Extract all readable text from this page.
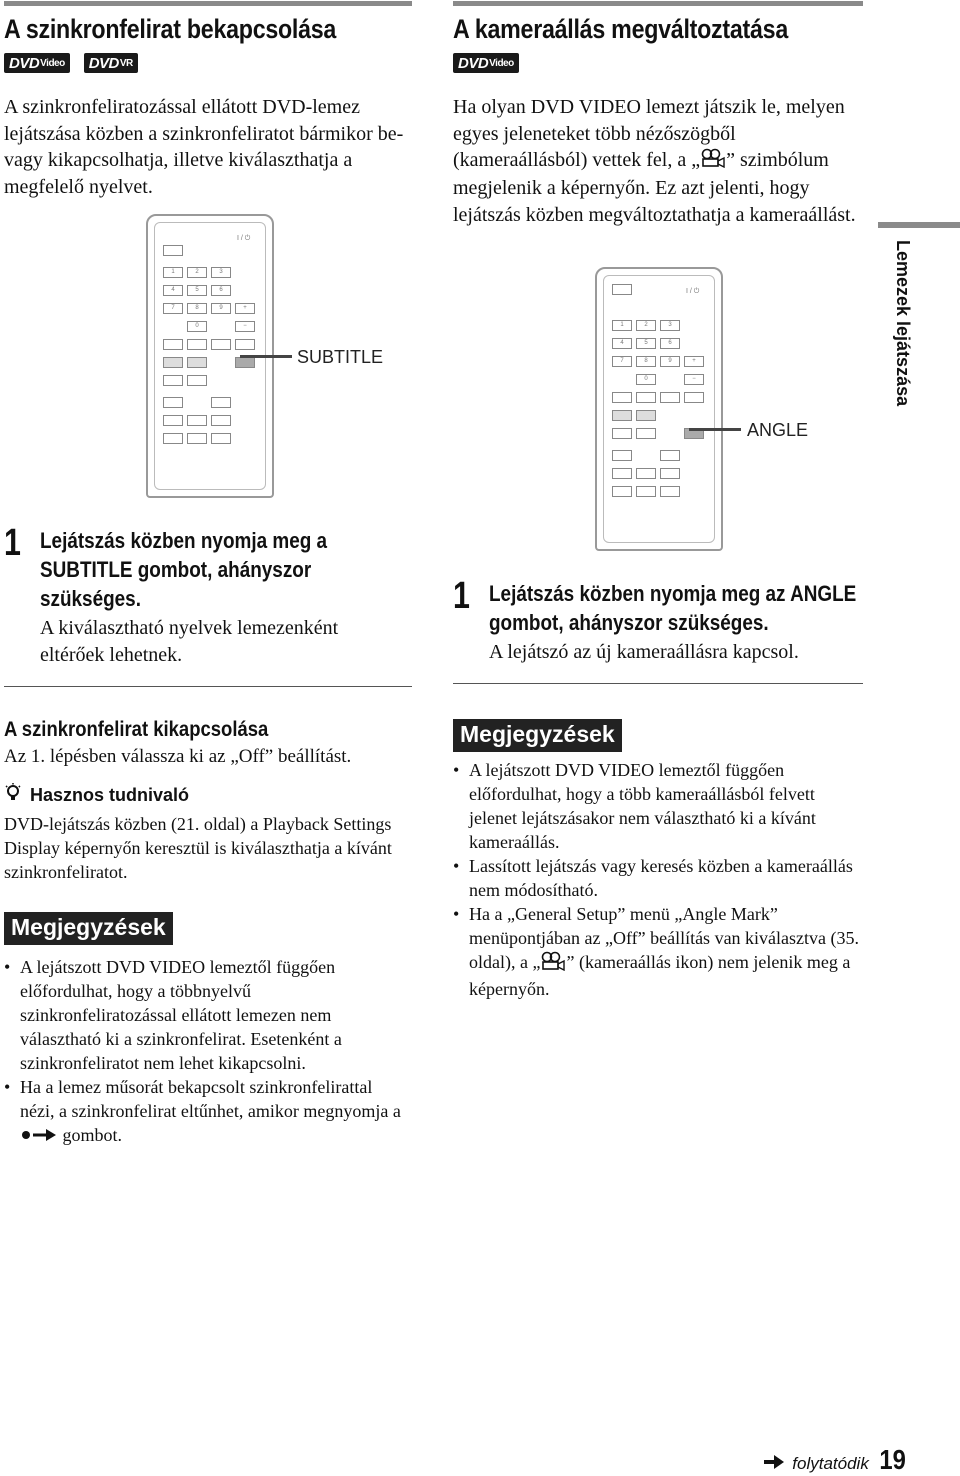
A szinkronfelirat bekapcsolása
DVD Video DVD VR

A szinkronfeliratozással ellátott DVD-lemez lejátszása közben a szinkronfeliratot bármikor be- vagy kikapcsolhatja, illetve kiválaszthatja a megfelelő nyelvet.

I / ⏻
1	2	3
4	5	6
7	8	9	+
0	−
SUBTITLE
1 Lejátszás közben nyomja meg a SUBTITLE gombot, ahányszor szükséges.
A kiválasztható nyelvek lemezenként eltérőek lehetnek.
A szinkronfelirat kikapcsolása

Az 1. lépésben válassza ki az „Off” beállítást.

Hasznos tudnivaló

DVD-lejátszás közben (21. oldal) a Playback Settings Display képernyőn keresztül is kiválaszthatja a kívánt szinkronfeliratot.

Megjegyzések
• A lejátszott DVD VIDEO lemeztől függően előfordulhat, hogy a többnyelvű szinkronfeliratozással ellátott lemezen nem választható ki a szinkronfelirat. Esetenként a szinkronfeliratot nem lehet kikapcsolni.
• Ha a lemez műsorát bekapcsolt szinkronfelirattal nézi, a szinkronfelirat eltűnhet, amikor megnyomja a  gombot.
A kameraállás megváltoztatása
DVD Video

Ha olyan DVD VIDEO lemezt játszik le, melyen egyes jeleneteket több nézőszögből (kameraállásból) vettek fel, a „ ” szimbólum megjelenik a képernyőn. Ez azt jelenti, hogy lejátszás közben megváltoztathatja a kameraállást.

I / ⏻
1	2	3
4	5	6
7	8	9	+
0	−
ANGLE
1 Lejátszás közben nyomja meg az ANGLE gombot, ahányszor szükséges.
A lejátszó az új kameraállásra kapcsol.
Megjegyzések
• A lejátszott DVD VIDEO lemeztől függően előfordulhat, hogy a több kameraállásból felvett jelenet lejátszásakor nem választható ki a kívánt kameraállás.
• Lassított lejátszás vagy keresés közben a kameraállás nem módosítható.
• Ha a „General Setup” menü „Angle Mark” menüpontjában az „Off” beállítás van kiválasztva (35. oldal), a „ ” (kameraállás ikon) nem jelenik meg a képernyőn.
Lemezek lejátszása
folytatódik 19
